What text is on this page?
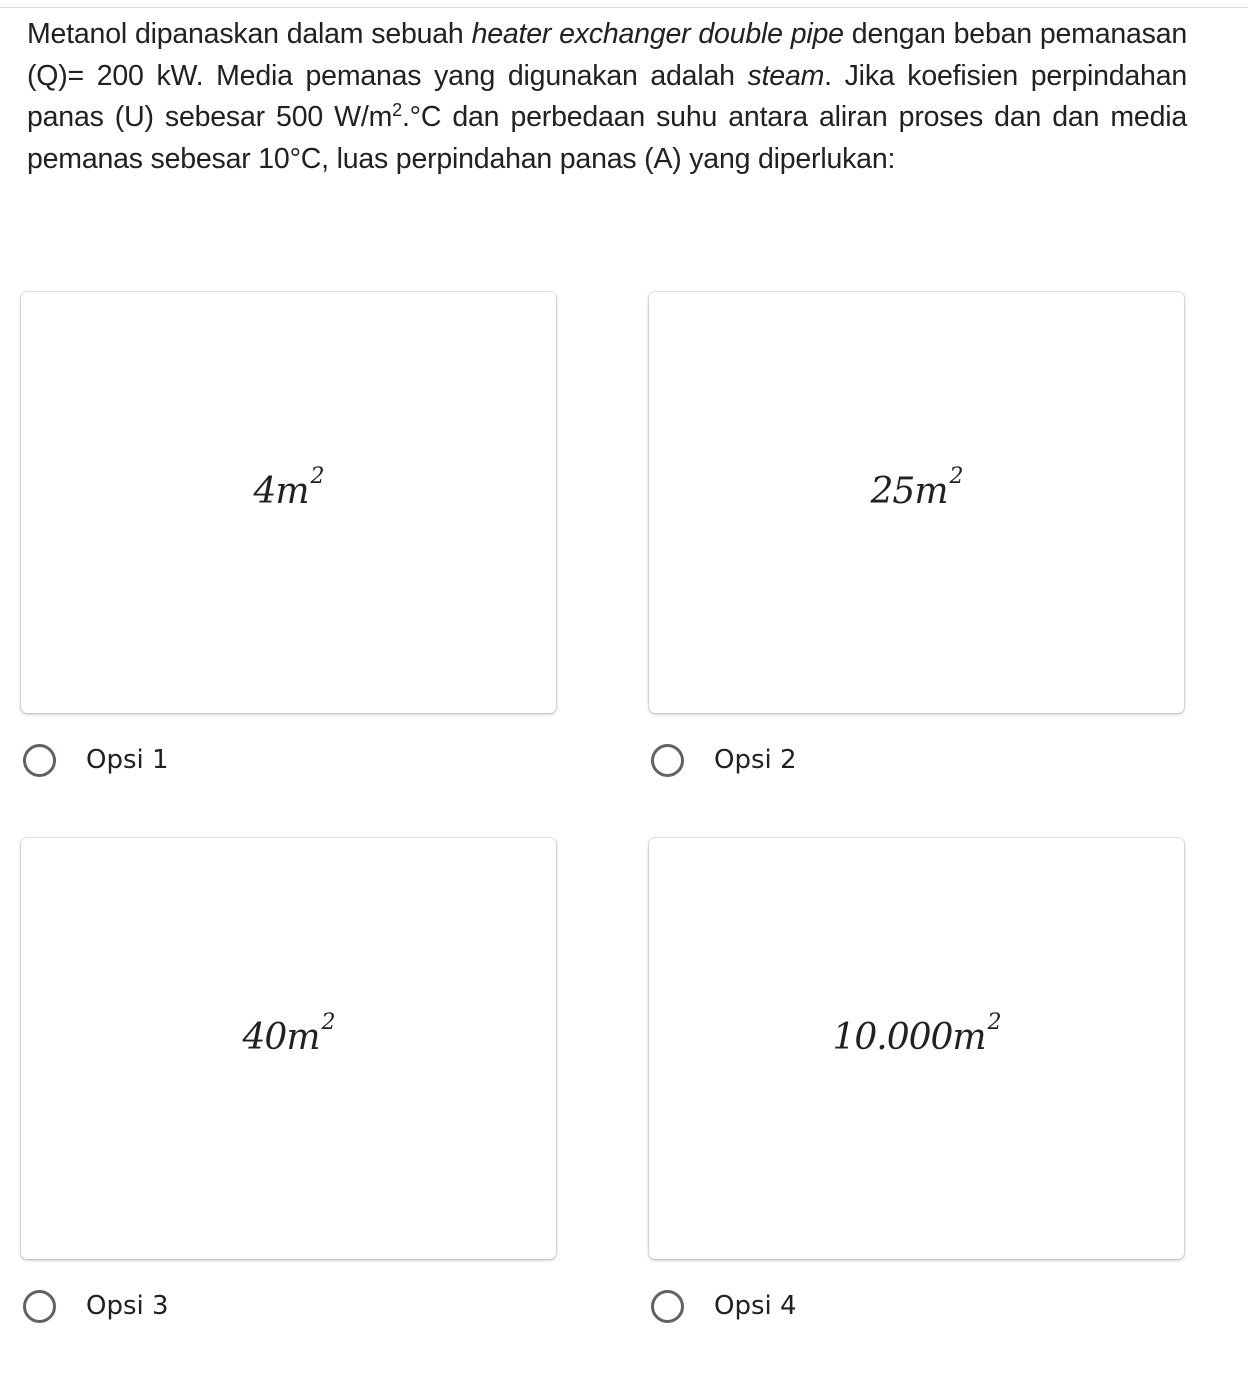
Metanol dipanaskan dalam sebuah heater exchanger double pipe dengan beban pemanasan (Q)= 200 kW. Media pemanas yang digunakan adalah steam. Jika koefisien perpindahan panas (U) sebesar 500 $W/m^2.^\circ C$ dan perbedaan suhu antara aliran proses dan dan media pemanas sebesar 10°C, luas perpindahan panas (A) yang diperlukan:
$4m^2$
Opsi 1
$25m^2$
Opsi 2
$40m^2$
Opsi 3
$10.000m^2$
Opsi 4
